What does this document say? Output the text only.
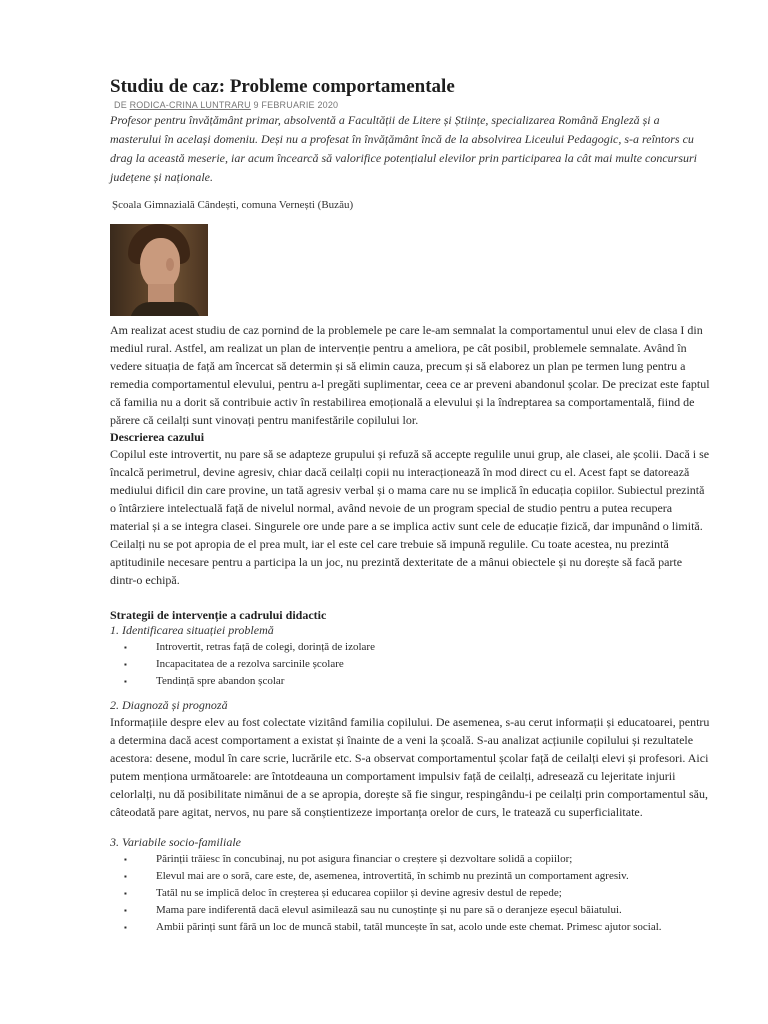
Studiu de caz: Probleme comportamentale
DE RODICA-CRINA LUNTRARU 9 FEBRUARIE 2020

Profesor pentru învățământ primar, absolventă a Facultății de Litere și Științe, specializarea Română Engleză și a masterului în același domeniu. Deși nu a profesat în învățământ încă de la absolvirea Liceului Pedagogic, s-a reîntors cu drag la această meserie, iar acum încearcă să valorifice potențialul elevilor prin participarea la cât mai multe concursuri județene și naționale.

Școala Gimnazială Cândești, comuna Vernești (Buzău)

Am realizat acest studiu de caz pornind de la problemele pe care le-am semnalat la comportamentul unui elev de clasa I din mediul rural. Astfel, am realizat un plan de intervenție pentru a ameliora, pe cât posibil, problemele semnalate. Având în vedere situația de față am încercat să determin și să elimin cauza, precum și să elaborez un plan pe termen lung pentru a remedia comportamentul elevului, pentru a-l pregăti suplimentar, ceea ce ar preveni abandonul școlar. De precizat este faptul că familia nu a dorit să contribuie activ în restabilirea emoțională a elevului și la îndreptarea sa comportamentală, fiind de părere că ceilalți sunt vinovați pentru manifestările copilului lor.

Descrierea cazului

Copilul este introvertit, nu pare să se adapteze grupului și refuză să accepte regulile unui grup, ale clasei, ale școlii. Dacă i se încalcă perimetrul, devine agresiv, chiar dacă ceilalți copii nu interacționează în mod direct cu el. Acest fapt se datorează mediului dificil din care provine, un tată agresiv verbal și o mama care nu se implică în educația copiilor. Subiectul prezintă o întârziere intelectuală față de nivelul normal, având nevoie de un program special de studio pentru a putea recupera material și a se integra clasei. Singurele ore unde pare a se implica activ sunt cele de educație fizică, dar impunând o limită. Ceilalți nu se pot apropia de el prea mult, iar el este cel care trebuie să impună regulile. Cu toate acestea, nu prezintă aptitudinile necesare pentru a participa la un joc, nu prezintă dexteritate de a mânui obiectele și nu dorește să facă parte dintr-o echipă.

Strategii de intervenție a cadrului didactic
1. Identificarea situației problemă
▪	Introvertit, retras față de colegi, dorință de izolare
▪	Incapacitatea de a rezolva sarcinile școlare
▪	Tendință spre abandon școlar
2. Diagnoză și prognoză

Informațiile despre elev au fost colectate vizitând familia copilului. De asemenea, s-au cerut informații și educatoarei, pentru a determina dacă acest comportament a existat și înainte de a veni la școală. S-au analizat acțiunile copilului și rezultatele acestora: desene, modul în care scrie, lucrările etc. S-a observat comportamentul școlar față de ceilalți elevi și profesori. Aici putem menționa următoarele: are întotdeauna un comportament impulsiv față de ceilalți, adresează cu lejeritate injurii celorlalți, nu dă posibilitate nimănui de a se apropia, dorește să fie singur, respingându-i pe ceilalți prin comportamentul său, câteodată pare agitat, nervos, nu pare să conștientizeze importanța orelor de curs, le tratează cu superficialitate.

3. Variabile socio-familiale
▪	Părinții trăiesc în concubinaj, nu pot asigura financiar o creștere și dezvoltare solidă a copiilor;
▪	Elevul mai are o soră, care este, de, asemenea, introvertită, în schimb nu prezintă un comportament agresiv.
▪	Tatăl nu se implică deloc în creșterea și educarea copiilor și devine agresiv destul de repede;
▪	Mama pare indiferentă dacă elevul asimilează sau nu cunoștințe și nu pare să o deranjeze eșecul băiatului.
▪	Ambii părinți sunt fără un loc de muncă stabil, tatăl muncește în sat, acolo unde este chemat. Primesc ajutor social.
